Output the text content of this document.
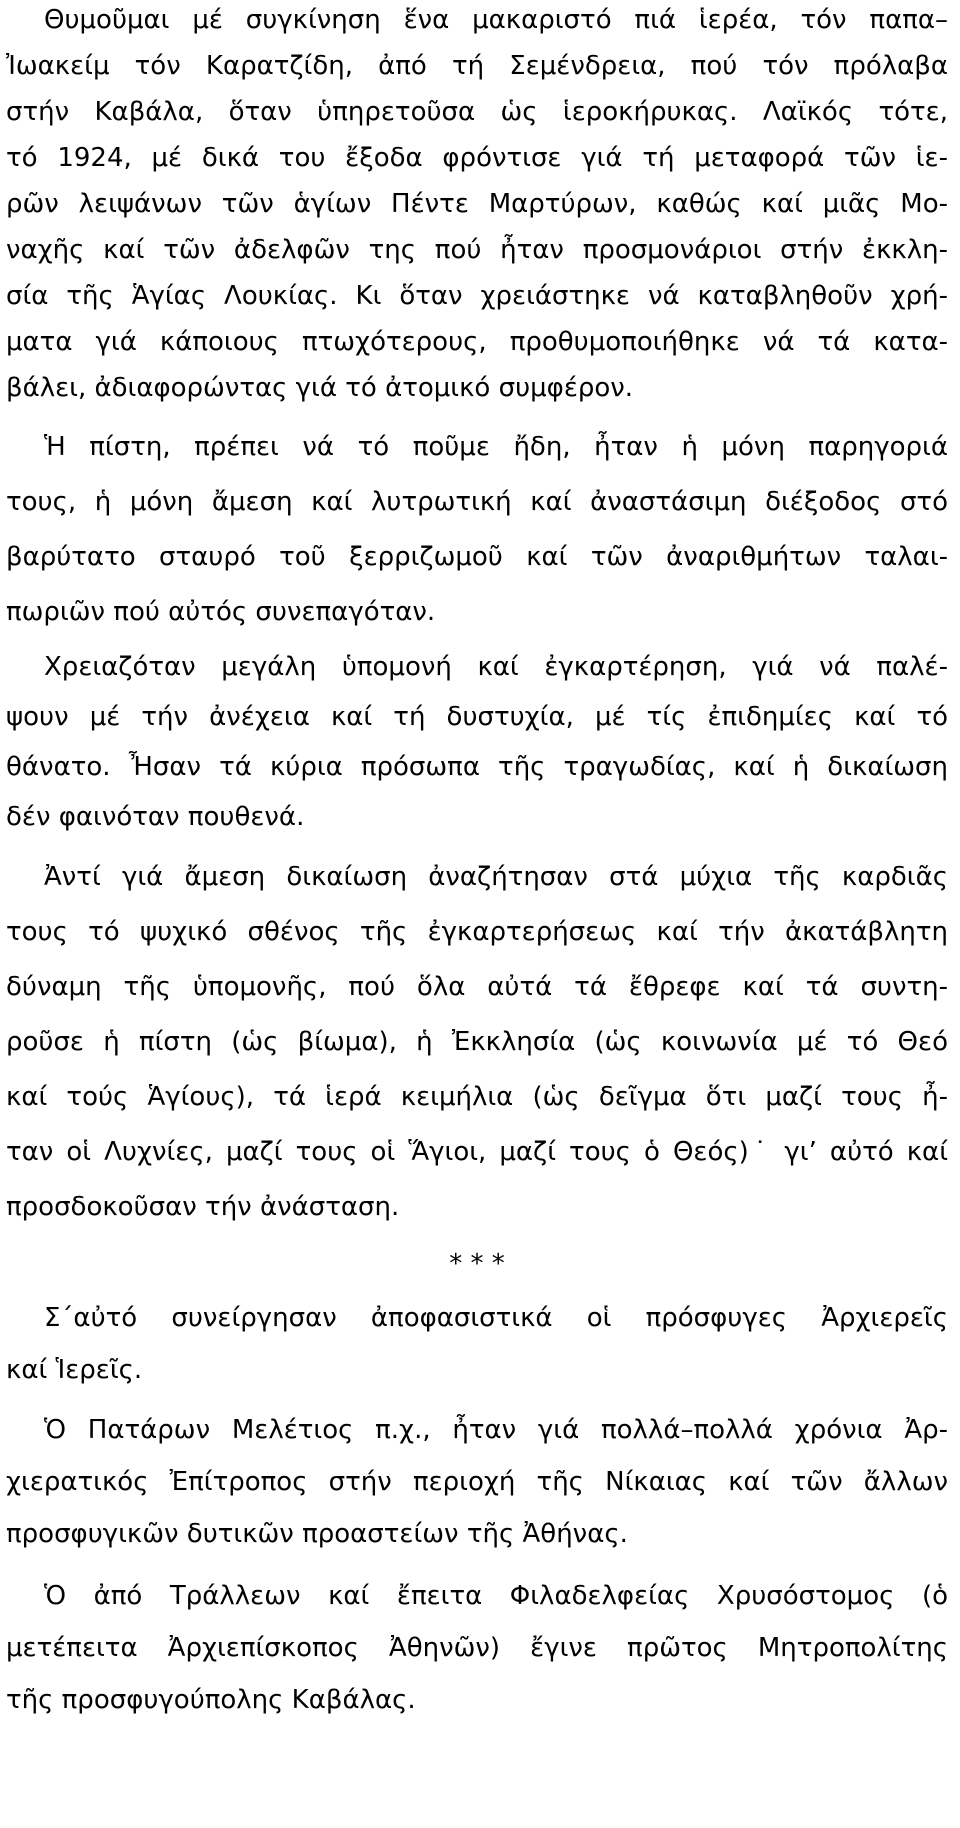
Θυμοῦμαι μέ συγκίνηση ἕνα μακαριστό πιά ἱερέα, τόν παπα–
Ἰωακείμ τόν Καρατζίδη, ἀπό τή Σεμένδρεια, πού τόν πρόλαβα
στήν Καβάλα, ὅταν ὑπηρετοῦσα ὡς ἱεροκήρυκας. Λαϊκός τότε,
τό 1924, μέ δικά του ἔξοδα φρόντισε γιά τή μεταφορά τῶν ἱε-
ρῶν λειψάνων τῶν ἁγίων Πέντε Μαρτύρων, καθώς καί μιᾶς Μο-
ναχῆς καί τῶν ἀδελφῶν της πού ἦταν προσμονάριοι στήν ἐκκλη-
σία τῆς Ἁγίας Λουκίας. Κι ὅταν χρειάστηκε νά καταβληθοῦν χρή-
ματα γιά κάποιους πτωχότερους, προθυμοποιήθηκε νά τά κατα-
βάλει, ἀδιαφορώντας γιά τό ἀτομικό συμφέρον.
Ἡ πίστη, πρέπει νά τό ποῦμε ἤδη, ἦταν ἡ μόνη παρηγοριά
τους, ἡ μόνη ἄμεση καί λυτρωτική καί ἀναστάσιμη διέξοδος στό
βαρύτατο σταυρό τοῦ ξερριζωμοῦ καί τῶν ἀναριθμήτων ταλαι-
πωριῶν πού αὐτός συνεπαγόταν.
Χρειαζόταν μεγάλη ὑπομονή καί ἐγκαρτέρηση, γιά νά παλέ-
ψουν μέ τήν ἀνέχεια καί τή δυστυχία, μέ τίς ἐπιδημίες καί τό
θάνατο. Ἦσαν τά κύρια πρόσωπα τῆς τραγωδίας, καί ἡ δικαίωση
δέν φαινόταν πουθενά.
Ἀντί γιά ἄμεση δικαίωση ἀναζήτησαν στά μύχια τῆς καρδιᾶς
τους τό ψυχικό σθένος τῆς ἐγκαρτερήσεως καί τήν ἀκατάβλητη
δύναμη τῆς ὑπομονῆς, πού ὅλα αὐτά τά ἔθρεφε καί τά συντη-
ροῦσε ἡ πίστη (ὡς βίωμα), ἡ Ἐκκλησία (ὡς κοινωνία μέ τό Θεό
καί τούς Ἁγίους), τά ἱερά κειμήλια (ὡς δεῖγμα ὅτι μαζί τους ἦ-
ταν οἱ Λυχνίες, μαζί τους οἱ Ἅγιοι, μαζί τους ὁ Θεός)˙ γι’ αὐτό καί
προσδοκοῦσαν τήν ἀνάσταση.
* * *
Σ΄αὐτό συνείργησαν ἀποφασιστικά οἱ πρόσφυγες Ἀρχιερεῖς
καί Ἱερεῖς.
Ὁ Πατάρων Μελέτιος π.χ., ἦταν γιά πολλά–πολλά χρόνια Ἀρ-
χιερατικός Ἐπίτροπος στήν περιοχή τῆς Νίκαιας καί τῶν ἄλλων
προσφυγικῶν δυτικῶν προαστείων τῆς Ἀθήνας.
Ὁ ἀπό Τράλλεων καί ἔπειτα Φιλαδελφείας Χρυσόστομος (ὁ
μετέπειτα Ἀρχιεπίσκοπος Ἀθηνῶν) ἔγινε πρῶτος Μητροπολίτης
τῆς προσφυγούπολης Καβάλας.
